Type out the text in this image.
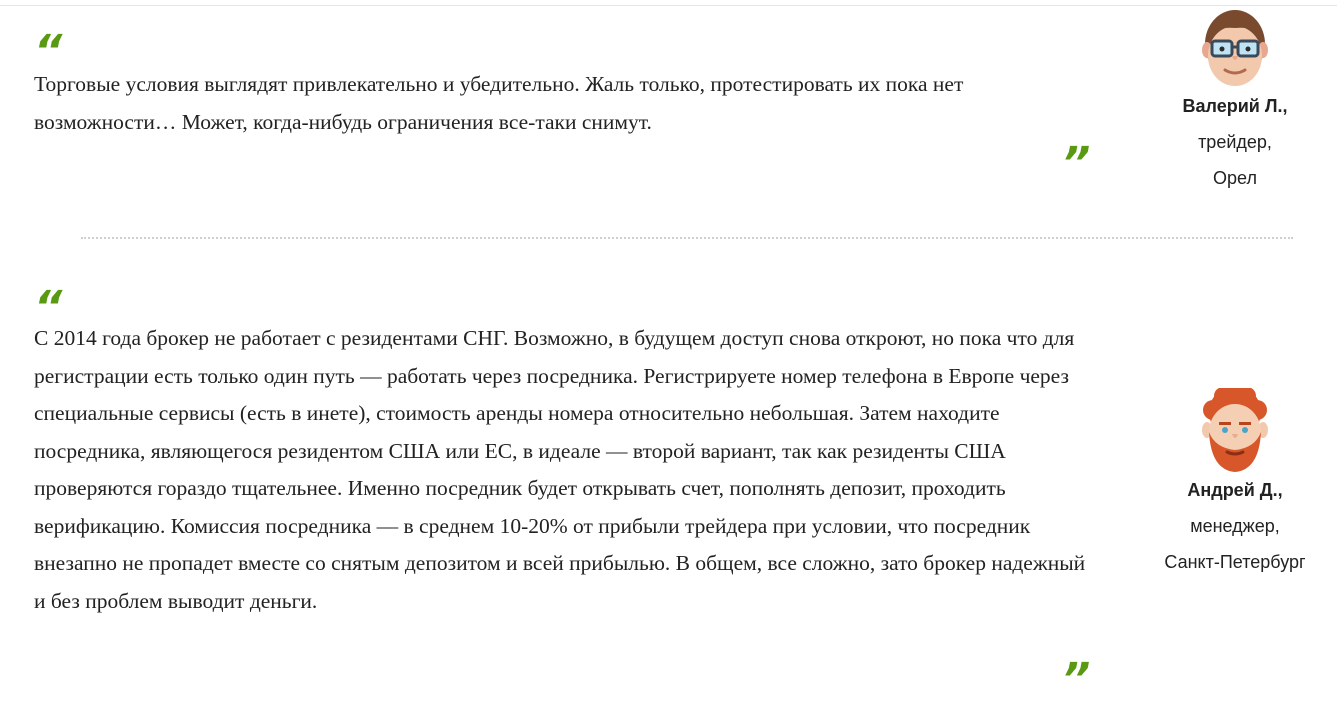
“

Торговые условия выглядят привлекательно и убедительно. Жаль только, протестировать их пока нет возможности… Может, когда-нибудь ограничения все-таки снимут.

”
Валерий Л.,
трейдер,
Орел
“

С 2014 года брокер не работает с резидентами СНГ. Возможно, в будущем доступ снова откроют, но пока что для регистрации есть только один путь — работать через посредника. Регистрируете номер телефона в Европе через специальные сервисы (есть в инете), стоимость аренды номера относительно небольшая. Затем находите посредника, являющегося резидентом США или ЕС, в идеале — второй вариант, так как резиденты США проверяются гораздо тщательнее. Именно посредник будет открывать счет, пополнять депозит, проходить верификацию. Комиссия посредника — в среднем 10-20% от прибыли трейдера при условии, что посредник внезапно не пропадет вместе со снятым депозитом и всей прибылью. В общем, все сложно, зато брокер надежный и без проблем выводит деньги.

”
Андрей Д.,
менеджер,
Санкт-Петербург
